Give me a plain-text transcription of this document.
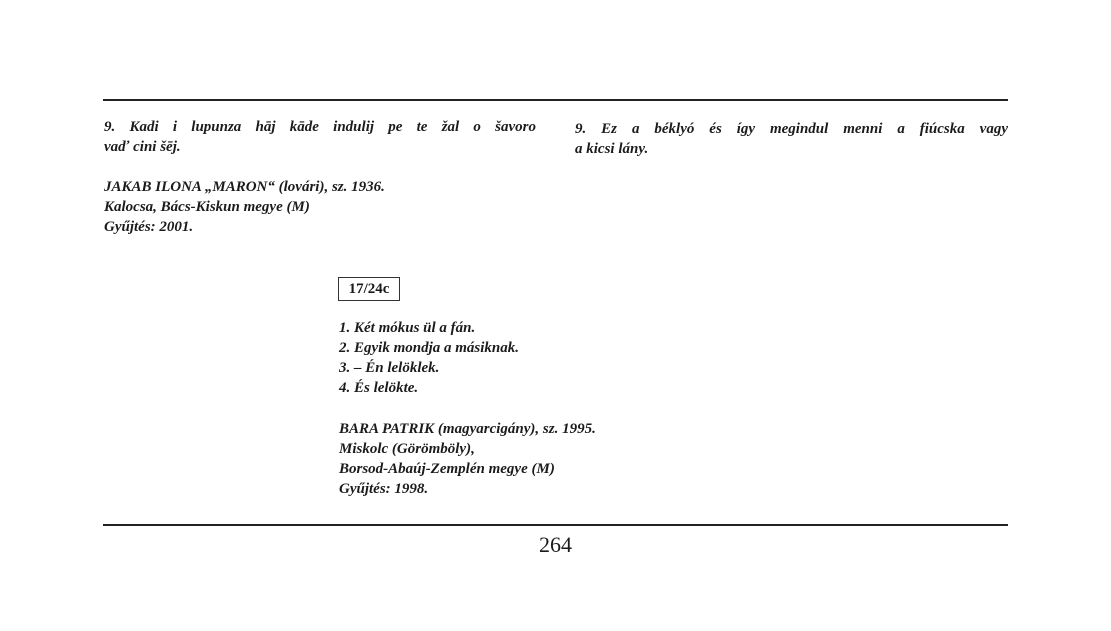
9. Kadi i lupunza hāj kāde indulij pe te žal o šavoro
vaď cini šēj.
9. Ez a béklyó és így megindul menni a fiúcska vagy
a kicsi lány.
JAKAB ILONA „MARON“ (lovári), sz. 1936.
Kalocsa, Bács-Kiskun megye (M)
Gyűjtés: 2001.
17/24c
1. Két mókus ül a fán.
2. Egyik mondja a másiknak.
3. – Én lelöklek.
4. És lelökte.
BARA PATRIK (magyarcigány), sz. 1995.
Miskolc (Görömböly),
Borsod-Abaúj-Zemplén megye (M)
Gyűjtés: 1998.
264
